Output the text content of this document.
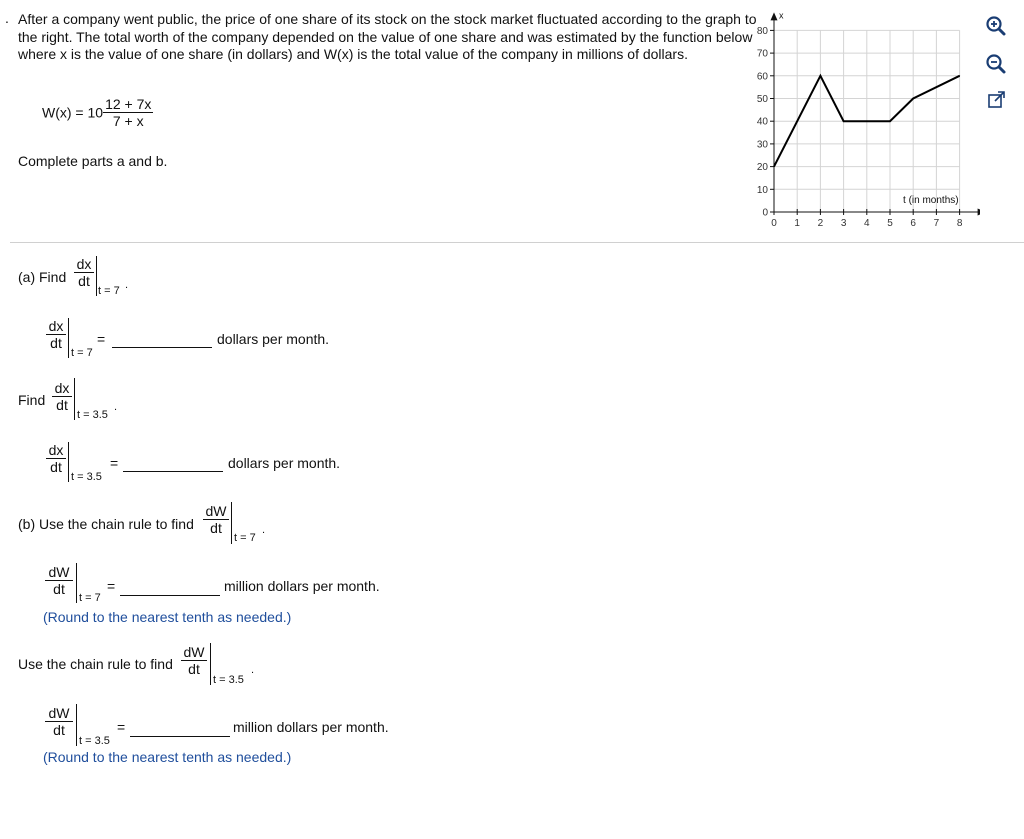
. After a company went public, the price of one share of its stock on the stock market fluctuated according to the graph to the right. The total worth of the company depended on the value of one share and was estimated by the function below where x is the value of one share (in dollars) and W(x) is the total value of the company in millions of dollars.
$W(x) = 10 \frac{12 + 7x}{7 + x}$
Complete parts a and b.
0 1 2 3 4 5 6 7 8
0
10
20
30
40
50
60
70
80
t (in months)
x
(a) Find $\frac{dx}{dt}$
t = 7 .
$\frac{dx}{dt}$
t = 7
=	dollars per month.
Find $\frac{dx}{dt}$
t = 3.5
.
$\frac{dx}{dt}$
t = 3.5
=	dollars per month.
(b) Use the chain rule to find $\frac{dW}{dt}$
t = 7
.
$\frac{dW}{dt}$
t = 7
=	million dollars per month.
(Round to the nearest tenth as needed.)
Use the chain rule to find $\frac{dW}{dt}$
t = 3.5
.
$\frac{dW}{dt}$
t = 3.5
=	million dollars per month.
(Round to the nearest tenth as needed.)
